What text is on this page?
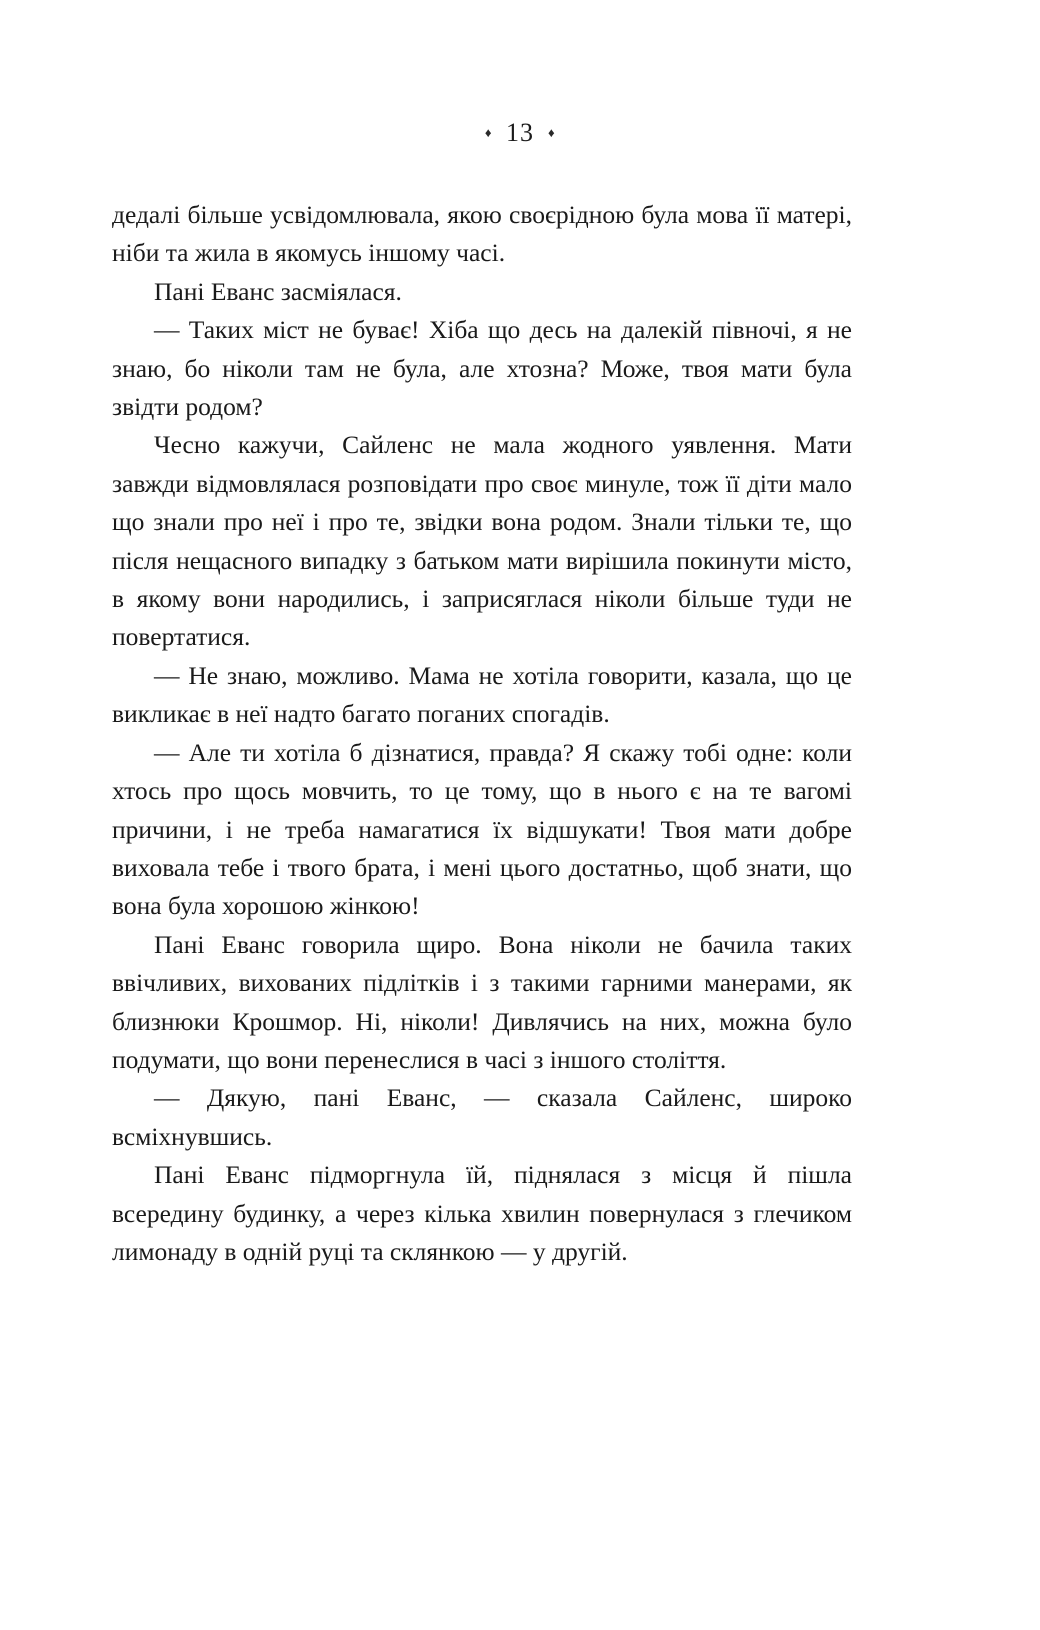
♦ 13 ♦

дедалі більше усвідомлювала, якою своєрідною була мова її матері, ніби та жила в якомусь іншому часі.

Пані Еванс засміялася.

— Таких міст не буває! Хіба що десь на далекій півночі, я не знаю, бо ніколи там не була, але хтозна? Може, твоя мати була звідти родом?

Чесно кажучи, Сайленс не мала жодного уявлення. Мати завжди відмовлялася розповідати про своє минуле, тож її діти мало що знали про неї і про те, звідки вона родом. Знали тільки те, що після нещасного випадку з батьком мати вирішила покинути місто, в якому вони народились, і заприсяглася ніколи більше туди не повертатися.

— Не знаю, можливо. Мама не хотіла говорити, казала, що це викликає в неї надто багато поганих спогадів.

— Але ти хотіла б дізнатися, правда? Я скажу тобі одне: коли хтось про щось мовчить, то це тому, що в нього є на те вагомі причини, і не треба намагатися їх відшукати! Твоя мати добре виховала тебе і твого брата, і мені цього достатньо, щоб знати, що вона була хорошою жінкою!

Пані Еванс говорила щиро. Вона ніколи не бачила таких ввічливих, вихованих підлітків і з такими гарними манерами, як близнюки Крошмор. Ні, ніколи! Дивлячись на них, можна було подумати, що вони перенеслися в часі з іншого століття.

— Дякую, пані Еванс, — сказала Сайленс, широко всміхнувшись.

Пані Еванс підморгнула їй, піднялася з місця й пішла всередину будинку, а через кілька хвилин повернулася з глечиком лимонаду в одній руці та склянкою — у другій.
